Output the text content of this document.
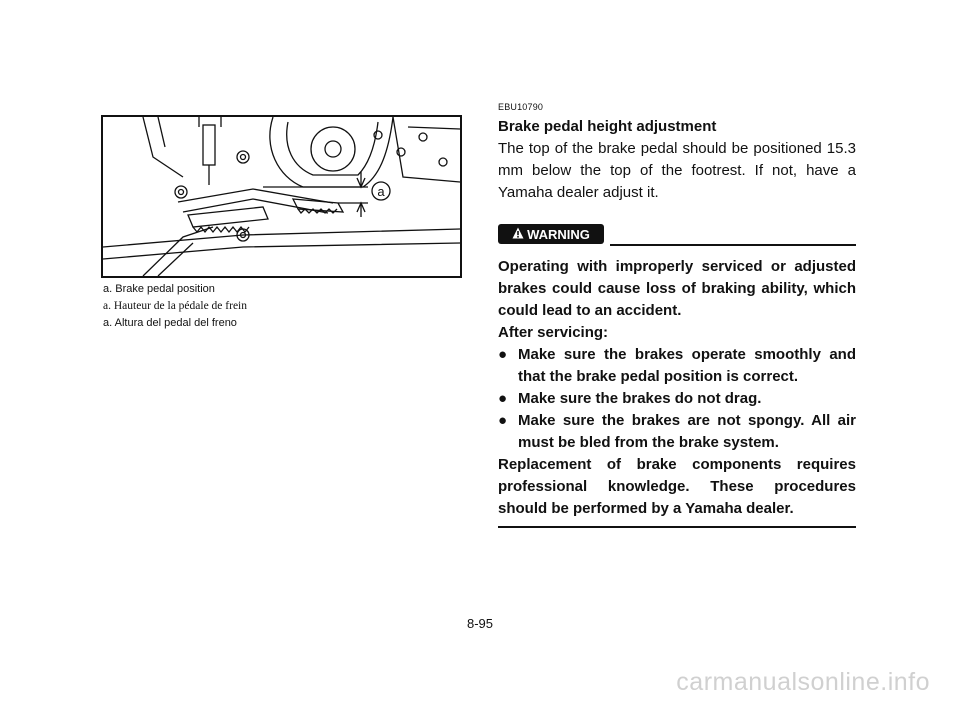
a
a. Brake pedal position
a. Hauteur de la pédale de frein
a. Altura del pedal del freno
EBU10790
Brake pedal height adjustment

The top of the brake pedal should be positioned 15.3 mm below the top of the footrest. If not, have a Yamaha dealer adjust it.

WARNING

Operating with improperly serviced or adjusted brakes could cause loss of braking ability, which could lead to an accident.

After servicing:

● Make sure the brakes operate smoothly and that the brake pedal position is correct.
● Make sure the brakes do not drag.
● Make sure the brakes are not spongy. All air must be bled from the brake system.

Replacement of brake components requires professional knowledge. These procedures should be performed by a Yamaha dealer.

8-95
carmanualsonline.info
